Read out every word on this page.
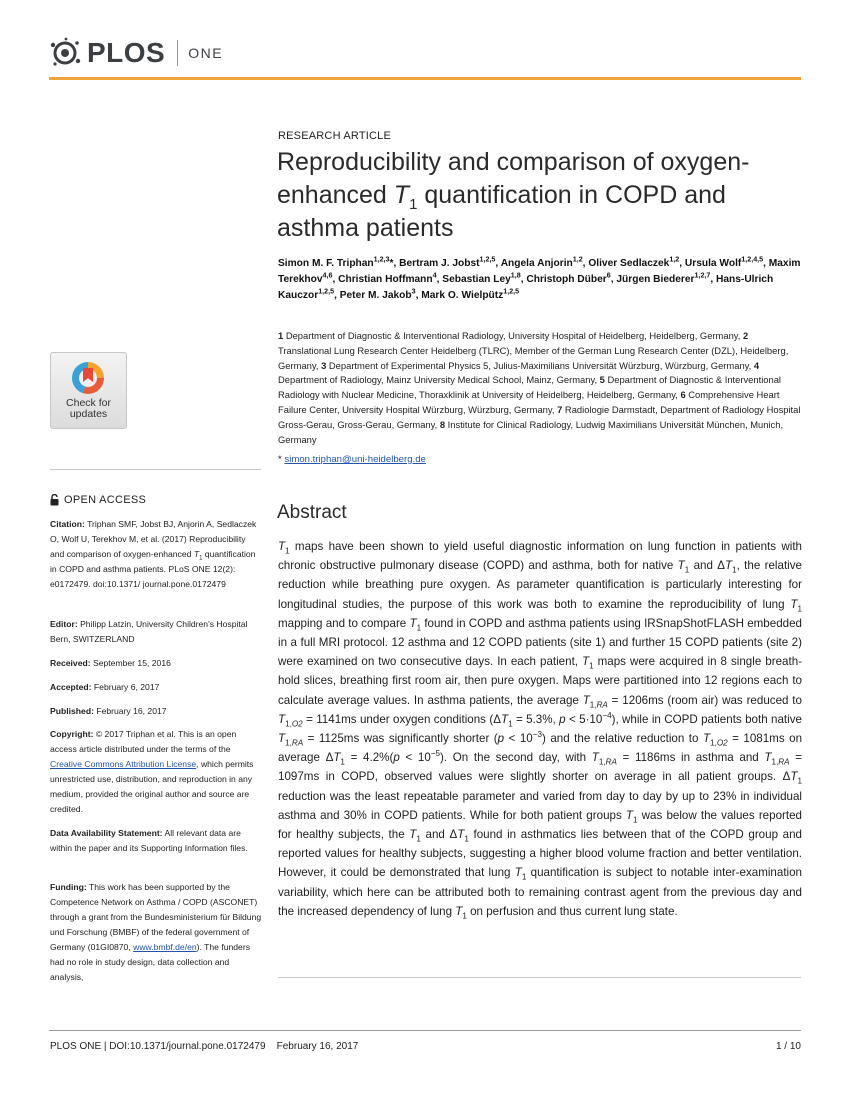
PLOS ONE
Check for updates
RESEARCH ARTICLE
Reproducibility and comparison of oxygen-enhanced $T_1$ quantification in COPD and asthma patients
Simon M. F. Triphan$^{1,2,3}$*, Bertram J. Jobst$^{1,2,5}$, Angela Anjorin$^{1,2}$, Oliver Sedlaczek$^{1,2}$, Ursula Wolf$^{1,2,4,5}$, Maxim Terekhov$^{4,6}$, Christian Hoffmann$^4$, Sebastian Ley$^{1,8}$, Christoph Düber$^6$, Jürgen Biederer$^{1,2,7}$, Hans-Ulrich Kauczor$^{1,2,5}$, Peter M. Jakob$^3$, Mark O. Wielpütz$^{1,2,5}$
1 Department of Diagnostic & Interventional Radiology, University Hospital of Heidelberg, Heidelberg, Germany, 2 Translational Lung Research Center Heidelberg (TLRC), Member of the German Lung Research Center (DZL), Heidelberg, Germany, 3 Department of Experimental Physics 5, Julius-Maximilians Universität Würzburg, Würzburg, Germany, 4 Department of Radiology, Mainz University Medical School, Mainz, Germany, 5 Department of Diagnostic & Interventional Radiology with Nuclear Medicine, Thoraxklinik at University of Heidelberg, Heidelberg, Germany, 6 Comprehensive Heart Failure Center, University Hospital Würzburg, Würzburg, Germany, 7 Radiologie Darmstadt, Department of Radiology Hospital Gross-Gerau, Gross-Gerau, Germany, 8 Institute for Clinical Radiology, Ludwig Maximilians Universität München, Munich, Germany
* simon.triphan@uni-heidelberg.de
Abstract
$T_1$ maps have been shown to yield useful diagnostic information on lung function in patients with chronic obstructive pulmonary disease (COPD) and asthma, both for native $T_1$ and $\Delta T_1$, the relative reduction while breathing pure oxygen. As parameter quantification is particularly interesting for longitudinal studies, the purpose of this work was both to examine the reproducibility of lung $T_1$ mapping and to compare $T_1$ found in COPD and asthma patients using IRSnapShotFLASH embedded in a full MRI protocol. 12 asthma and 12 COPD patients (site 1) and further 15 COPD patients (site 2) were examined on two consecutive days. In each patient, $T_1$ maps were acquired in 8 single breath-hold slices, breathing first room air, then pure oxygen. Maps were partitioned into 12 regions each to calculate average values. In asthma patients, the average $T_{1,RA} = 1206ms$ (room air) was reduced to $T_{1,O2} = 1141ms$ under oxygen conditions ($\Delta T_1 = 5.3\%$, $p < 5\cdot 10^{-4}$), while in COPD patients both native $T_{1,RA} = 1125ms$ was significantly shorter $(p < 10^{-3})$ and the relative reduction to $T_{1,O2} = 1081ms$ on average $\Delta T_1 = 4.2\%(p < 10^{-5})$. On the second day, with $T_{1,RA} = 1186ms$ in asthma and $T_{1,RA} = 1097ms$ in COPD, observed values were slightly shorter on average in all patient groups. $\Delta T_1$ reduction was the least repeatable parameter and varied from day to day by up to 23% in individual asthma and 30% in COPD patients. While for both patient groups $T_1$ was below the values reported for healthy subjects, the $T_1$ and $\Delta T_1$ found in asthmatics lies between that of the COPD group and reported values for healthy subjects, suggesting a higher blood volume fraction and better ventilation. However, it could be demonstrated that lung $T_1$ quantification is subject to notable inter-examination variability, which here can be attributed both to remaining contrast agent from the previous day and the increased dependency of lung $T_1$ on perfusion and thus current lung state.
OPEN ACCESS
Citation: Triphan SMF, Jobst BJ, Anjorin A, Sedlaczek O, Wolf U, Terekhov M, et al. (2017) Reproducibility and comparison of oxygen-enhanced $T_1$ quantification in COPD and asthma patients. PLoS ONE 12(2): e0172479. doi:10.1371/ journal.pone.0172479
Editor: Philipp Latzin, University Children's Hospital Bern, SWITZERLAND
Received: September 15, 2016
Accepted: February 6, 2017
Published: February 16, 2017
Copyright: © 2017 Triphan et al. This is an open access article distributed under the terms of the Creative Commons Attribution License, which permits unrestricted use, distribution, and reproduction in any medium, provided the original author and source are credited.
Data Availability Statement: All relevant data are within the paper and its Supporting Information files.
Funding: This work has been supported by the Competence Network on Asthma / COPD (ASCONET) through a grant from the Bundesministerium für Bildung und Forschung (BMBF) of the federal government of Germany (01GI0870, www.bmbf.de/en). The funders had no role in study design, data collection and analysis,
PLOS ONE | DOI:10.1371/journal.pone.0172479    February 16, 2017	1 / 10
